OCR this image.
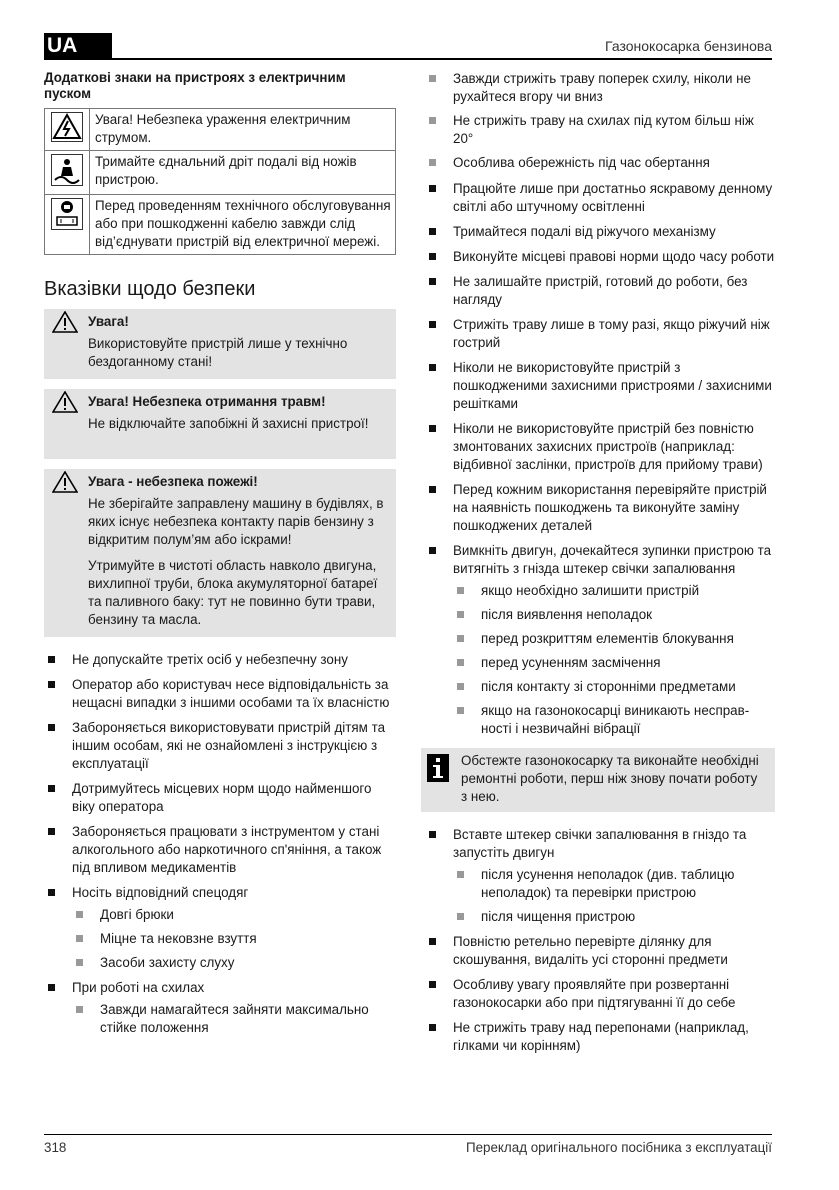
UA	Газонокосарка бензинова
Додаткові знаки на пристроях з електричним пуском
	Увага! Небезпека ураження електричним струмом.
	Тримайте єднальний дріт подалі від ножів пристрою.
	Перед проведенням технічного обслуговування або при пошкодженні кабелю завжди слід від’єднувати пристрій від електричної мережі.
Вказівки щодо безпеки
Увага!
Використовуйте пристрій лише у технічно бездоганному стані!
Увага! Небезпека отримання травм!
Не відключайте запобіжні й захисні пристрої!
Увага - небезпека пожежі!
Не зберігайте заправлену машину в будівлях, в яких існує небезпека контакту парів бензину з відкритим полум’ям або іскрами!
Утримуйте в чистоті область навколо двигуна, вихлипної труби, блока акумуляторної батареї та паливного баку: тут не повинно бути трави, бензину та масла.
Не допускайте третіх осіб у небезпечну зону
Оператор або користувач несе відповідальність за нещасні випадки з іншими особами та їх власністю
Забороняється використовувати пристрій дітям та іншим особам, які не ознайомлені з інструкцією з експлуатації
Дотримуйтесь місцевих норм щодо найменшого віку оператора
Забороняється працювати з інструментом у стані алкогольного або наркотичного сп'яніння, а також під впливом медикаментів
Носіть відповідний спецодяг
Довгі брюки
Міцне та нековзне взуття
Засоби захисту слуху
При роботі на схилах
Завжди намагайтеся зайняти максимально стійке положення
Завжди стрижіть траву поперек схилу, ніколи не рухайтеся вгору чи вниз
Не стрижіть траву на схилах під кутом більш ніж 20°
Особлива обережність під час обертання
Працюйте лише при достатньо яскравому денному світлі або штучному освітленні
Тримайтеся подалі від ріжучого механізму
Виконуйте місцеві правові норми щодо часу роботи
Не залишайте пристрій, готовий до роботи, без нагляду
Стрижіть траву лише в тому разі, якщо ріжучий ніж гострий
Ніколи не використовуйте пристрій з пошкодженими захисними пристроями / захисними решітками
Ніколи не використовуйте пристрій без повністю змонтованих захисних пристроїв (наприклад: відбивної заслінки, пристроїв для прийому трави)
Перед кожним використання перевіряйте пристрій на наявність пошкоджень та виконуйте заміну пошкоджених деталей
Вимкніть двигун, дочекайтеся зупинки пристрою та витягніть з гнізда штекер свічки запалювання
якщо необхідно залишити пристрій
після виявлення неполадок
перед розкриттям елементів блокування
перед усуненням засмічення
після контакту зі сторонніми предметами
якщо на газонокосарці виникають несправності і незвичайні вібрації
Обстежте газонокосарку та виконайте необхідні ремонтні роботи, перш ніж знову почати роботу з нею.
Вставте штекер свічки запалювання в гніздо та запустіть двигун
після усунення неполадок (див. таблицю неполадок) та перевірки пристрою
після чищення пристрою
Повністю ретельно перевірте ділянку для скошування, видаліть усі сторонні предмети
Особливу увагу проявляйте при розвертанні газонокосарки або при підтягуванні її до себе
Не стрижіть траву над перепонами (наприклад, гілками чи корінням)
318	Переклад оригінального посібника з експлуатації
